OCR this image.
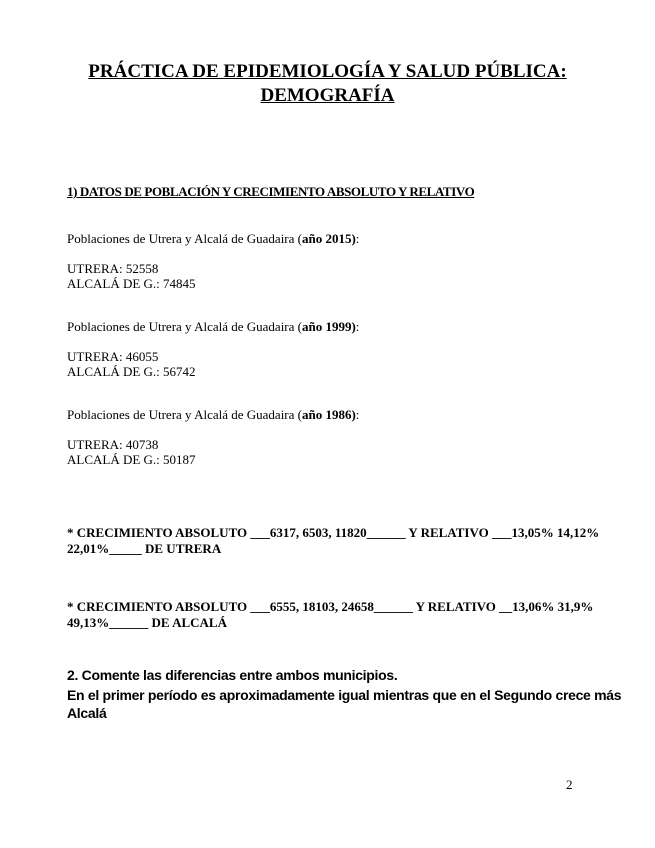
PRÁCTICA DE EPIDEMIOLOGÍA Y SALUD PÚBLICA:
DEMOGRAFÍA

1) DATOS DE POBLACIÓN Y CRECIMIENTO ABSOLUTO Y RELATIVO

Poblaciones de Utrera y Alcalá de Guadaira (año 2015):

UTRERA: 52558

ALCALÁ DE G.: 74845

Poblaciones de Utrera y Alcalá de Guadaira (año 1999):

UTRERA: 46055

ALCALÁ DE G.: 56742

Poblaciones de Utrera y Alcalá de Guadaira (año 1986):

UTRERA: 40738

ALCALÁ DE G.: 50187

* CRECIMIENTO ABSOLUTO ___6317, 6503, 11820______ Y RELATIVO ___13,05% 14,12%

22,01%_____ DE UTRERA

* CRECIMIENTO ABSOLUTO ___6555, 18103, 24658______ Y RELATIVO __13,06% 31,9%

49,13%______ DE ALCALÁ

2. Comente las diferencias entre ambos municipios.

En el primer período es aproximadamente igual mientras que en el Segundo crece más

Alcalá

2
